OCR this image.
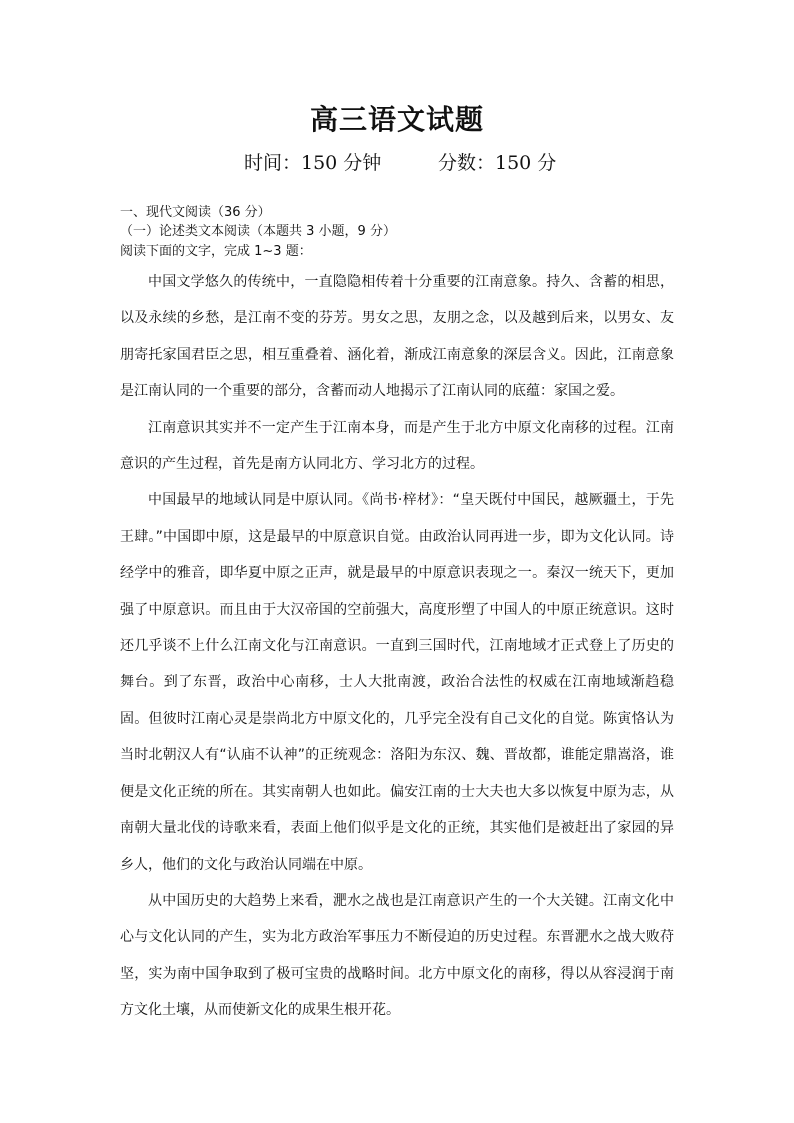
高三语文试题
时间：150 分钟	分数：150 分
一、现代文阅读（36 分）
（一）论述类文本阅读（本题共 3 小题，9 分）
阅读下面的文字，完成 1~3 题：

中国文学悠久的传统中，一直隐隐相传着十分重要的江南意象。持久、含蓄的相思，以及永续的乡愁，是江南不变的芬芳。男女之思，友朋之念，以及越到后来，以男女、友朋寄托家国君臣之思，相互重叠着、涵化着，渐成江南意象的深层含义。因此，江南意象是江南认同的一个重要的部分，含蓄而动人地揭示了江南认同的底蕴：家国之爱。

江南意识其实并不一定产生于江南本身，而是产生于北方中原文化南移的过程。江南意识的产生过程，首先是南方认同北方、学习北方的过程。

中国最早的地域认同是中原认同。《尚书·梓材》：“皇天既付中国民，越厥疆土，于先王肆。”中国即中原，这是最早的中原意识自觉。由政治认同再进一步，即为文化认同。诗经学中的雅音，即华夏中原之正声，就是最早的中原意识表现之一。秦汉一统天下，更加强了中原意识。而且由于大汉帝国的空前强大，高度形塑了中国人的中原正统意识。这时还几乎谈不上什么江南文化与江南意识。一直到三国时代，江南地域才正式登上了历史的舞台。到了东晋，政治中心南移，士人大批南渡，政治合法性的权威在江南地域渐趋稳固。但彼时江南心灵是崇尚北方中原文化的，几乎完全没有自己文化的自觉。陈寅恪认为当时北朝汉人有“认庙不认神”的正统观念：洛阳为东汉、魏、晋故都，谁能定鼎嵩洛，谁便是文化正统的所在。其实南朝人也如此。偏安江南的士大夫也大多以恢复中原为志，从南朝大量北伐的诗歌来看，表面上他们似乎是文化的正统，其实他们是被赶出了家园的异乡人，他们的文化与政治认同端在中原。

从中国历史的大趋势上来看，淝水之战也是江南意识产生的一个大关键。江南文化中心与文化认同的产生，实为北方政治军事压力不断侵迫的历史过程。东晋淝水之战大败苻坚，实为南中国争取到了极可宝贵的战略时间。北方中原文化的南移，得以从容浸润于南方文化土壤，从而使新文化的成果生根开花。
